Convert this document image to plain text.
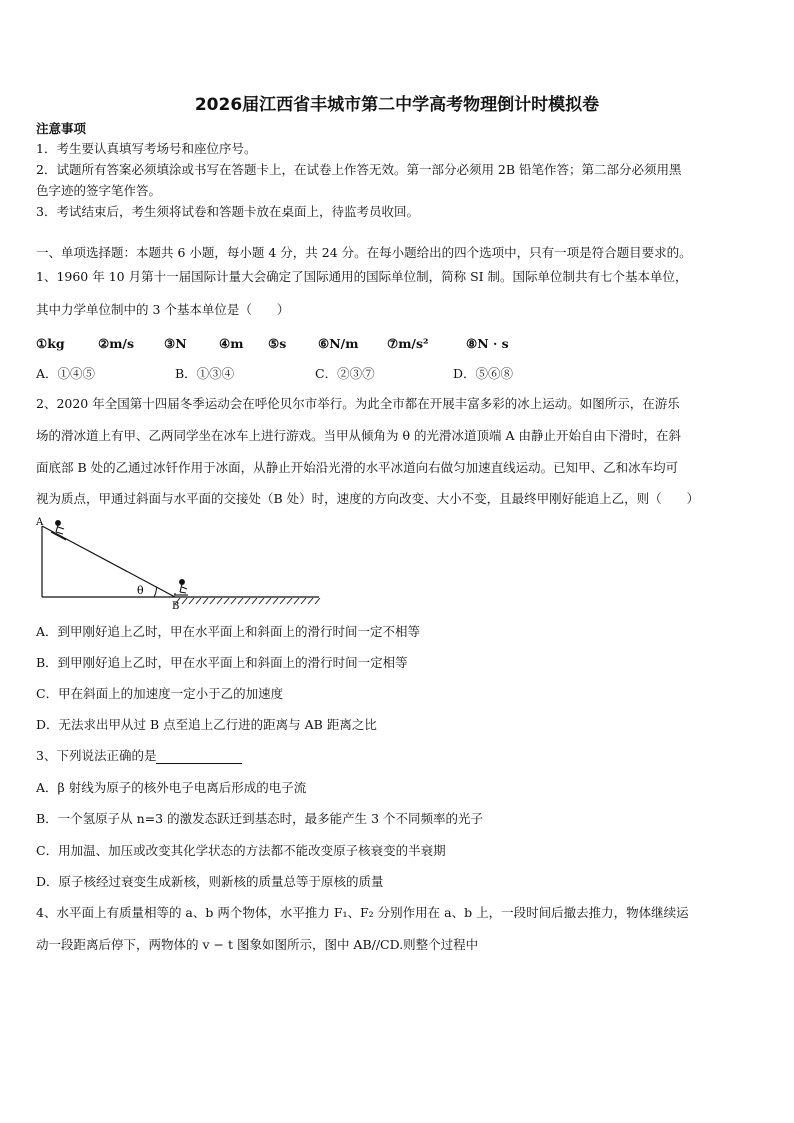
2026届江西省丰城市第二中学高考物理倒计时模拟卷
注意事项
1．考生要认真填写考场号和座位序号。
2．试题所有答案必须填涂或书写在答题卡上，在试卷上作答无效。第一部分必须用 2B 铅笔作答；第二部分必须用黑
色字迹的签字笔作答。
3．考试结束后，考生须将试卷和答题卡放在桌面上，待监考员收回。
一、单项选择题：本题共 6 小题，每小题 4 分，共 24 分。在每小题给出的四个选项中，只有一项是符合题目要求的。
1、1960 年 10 月第十一届国际计量大会确定了国际通用的国际单位制，简称 SI 制。国际单位制共有七个基本单位，
其中力学单位制中的 3 个基本单位是（　　）
①kg	②m/s ③N	④m ⑤s	⑥N/m ⑦m/s²	⑧N · s
A．①④⑤	B．①③④	C．②③⑦	D．⑤⑥⑧
2、2020 年全国第十四届冬季运动会在呼伦贝尔市举行。为此全市都在开展丰富多彩的冰上运动。如图所示，在游乐
场的滑冰道上有甲、乙两同学坐在冰车上进行游戏。当甲从倾角为 θ 的光滑冰道顶端 A 由静止开始自由下滑时，在斜
面底部 B 处的乙通过冰钎作用于冰面，从静止开始沿光滑的水平冰道向右做匀加速直线运动。已知甲、乙和冰车均可
视为质点，甲通过斜面与水平面的交接处（B 处）时，速度的方向改变、大小不变，且最终甲刚好能追上乙，则（　　）
θ
A
B
A．到甲刚好追上乙时，甲在水平面上和斜面上的滑行时间一定不相等
B．到甲刚好追上乙时，甲在水平面上和斜面上的滑行时间一定相等
C．甲在斜面上的加速度一定小于乙的加速度
D．无法求出甲从过 B 点至追上乙行进的距离与 AB 距离之比
3、下列说法正确的是
A．β 射线为原子的核外电子电离后形成的电子流
B．一个氢原子从 n=3 的激发态跃迁到基态时，最多能产生 3 个不同频率的光子
C．用加温、加压或改变其化学状态的方法都不能改变原子核衰变的半衰期
D．原子核经过衰变生成新核，则新核的质量总等于原核的质量
4、水平面上有质量相等的 a、b 两个物体，水平推力 F₁、F₂ 分别作用在 a、b 上，一段时间后撤去推力，物体继续运
动一段距离后停下，两物体的 v − t 图象如图所示，图中 AB//CD.则整个过程中
